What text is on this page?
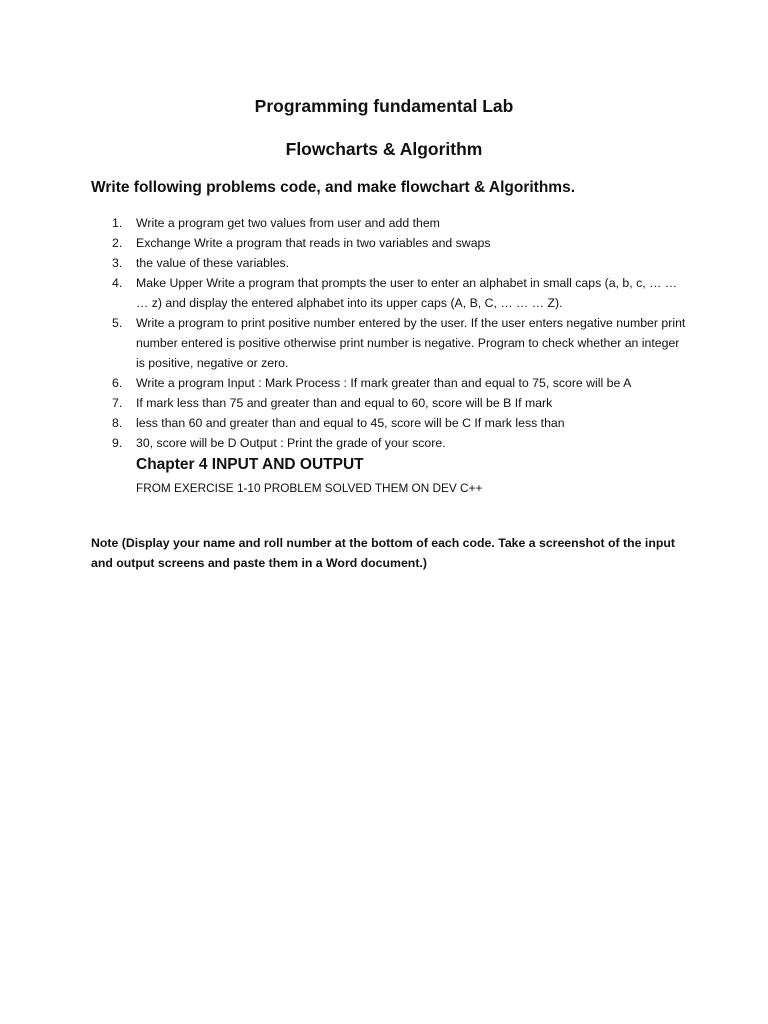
Programming fundamental Lab
Flowcharts & Algorithm
Write following problems code, and make flowchart & Algorithms.
1. Write a program get two values from user and add them
2. Exchange Write a program that reads in two variables and swaps
3. the value of these variables.
4. Make Upper Write a program that prompts the user to enter an alphabet in small caps (a, b, c, … … … z) and display the entered alphabet into its upper caps (A, B, C, … … … Z).
5. Write a program to print positive number entered by the user. If the user enters negative number print number entered is positive otherwise print number is negative. Program to check whether an integer is positive, negative or zero.
6. Write a program Input : Mark Process : If mark greater than and equal to 75, score will be A
7. If mark less than 75 and greater than and equal to 60, score will be B If mark
8. less than 60 and greater than and equal to 45, score will be C If mark less than
9. 30, score will be D Output : Print the grade of your score.
Chapter 4 INPUT AND OUTPUT
FROM EXERCISE 1-10 PROBLEM SOLVED THEM ON DEV C++
Note (Display your name and roll number at the bottom of each code. Take a screenshot of the input and output screens and paste them in a Word document.)
